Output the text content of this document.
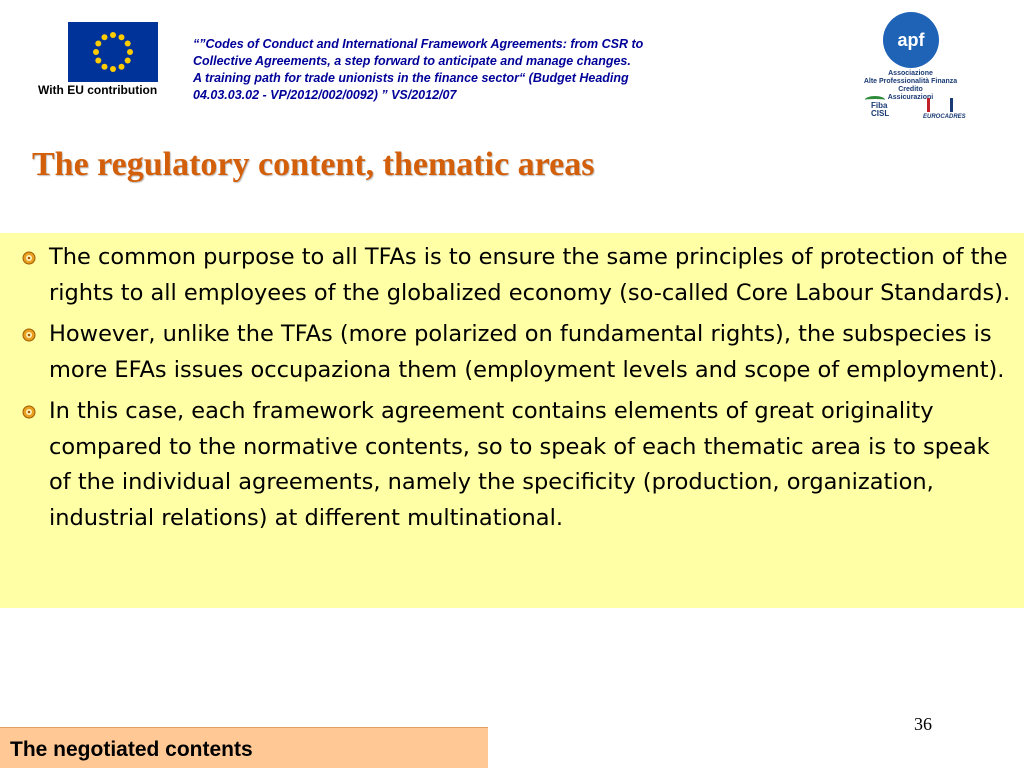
With EU contribution
“”Codes of Conduct and International Framework Agreements: from CSR to
Collective Agreements, a step forward to anticipate and manage changes.
A training path for trade unionists in the finance sector“ (Budget Heading
04.03.03.02 - VP/2012/002/0092) ” VS/2012/07
apf
Associazione
Alte Professionalità Finanza
Credito
Assicurazioni
Fiba
CISL	EUROCADRES
The regulatory content, thematic areas
The common purpose to all TFAs is to ensure the same principles of protection of the rights to all employees of the globalized economy (so-called Core Labour Standards).
However, unlike the TFAs (more polarized on fundamental rights), the subspecies is more EFAs issues occupaziona them (employment levels and scope of employment).
In this case, each framework agreement contains elements of great originality compared to the normative contents, so to speak of each thematic area is to speak of the individual agreements, namely the specificity (production, organization, industrial relations) at different multinational.
36
The negotiated contents
